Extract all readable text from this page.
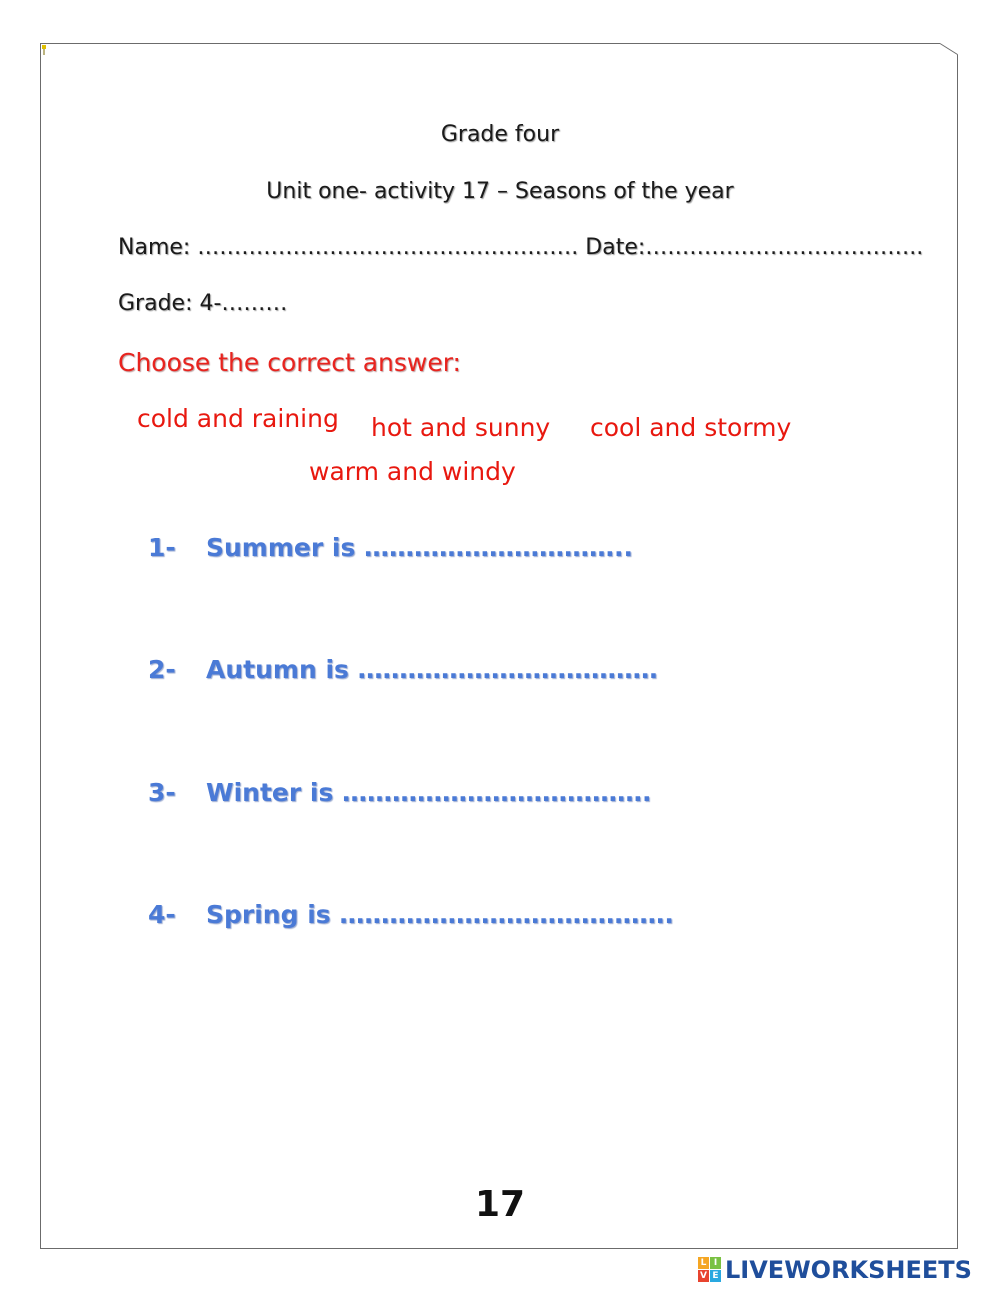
Grade four
Unit one- activity 17 – Seasons of the year
Name: ……………………………………………. Date:………………………………..
Grade: 4-………
Choose the correct answer:
cold and raining hot and sunny cool and stormy
warm and windy
1- Summer is …………………………..
2- Autumn is ………………………………
3- Winter is ……………………………….
4- Spring is ………………………………….
17
L I
V E LIVEWORKSHEETS
